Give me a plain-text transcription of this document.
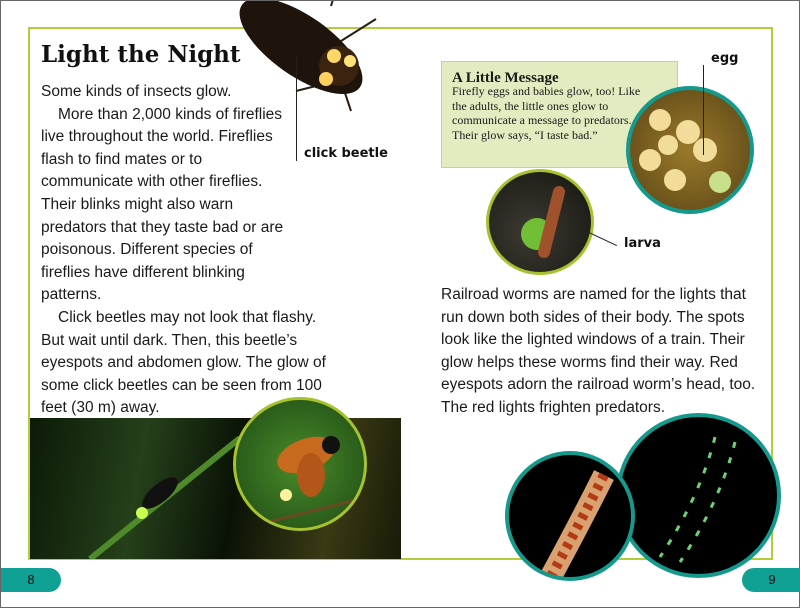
click beetle
Light the Night

Some kinds of insects glow.

More than 2,000 kinds of fireflies live throughout the world. Fireflies flash to find mates or to communicate with other fireflies. Their blinks might also warn predators that they taste bad or are poisonous. Different species of fireflies have different blinking patterns.

Click beetles may not look that flashy. But wait until dark. Then, this beetle’s eyespots and abdomen glow. The glow of some click beetles can be seen from 100 feet (30 m) away.

egg
A Little Message

Firefly eggs and babies glow, too! Like the adults, the little ones glow to communicate a message to predators. Their glow says, “I taste bad.”

larva

Railroad worms are named for the lights that run down both sides of their body. The spots look like the lighted windows of a train. Their glow helps these worms find their way. Red eyespots adorn the railroad worm’s head, too. The red lights frighten predators.

8	9
